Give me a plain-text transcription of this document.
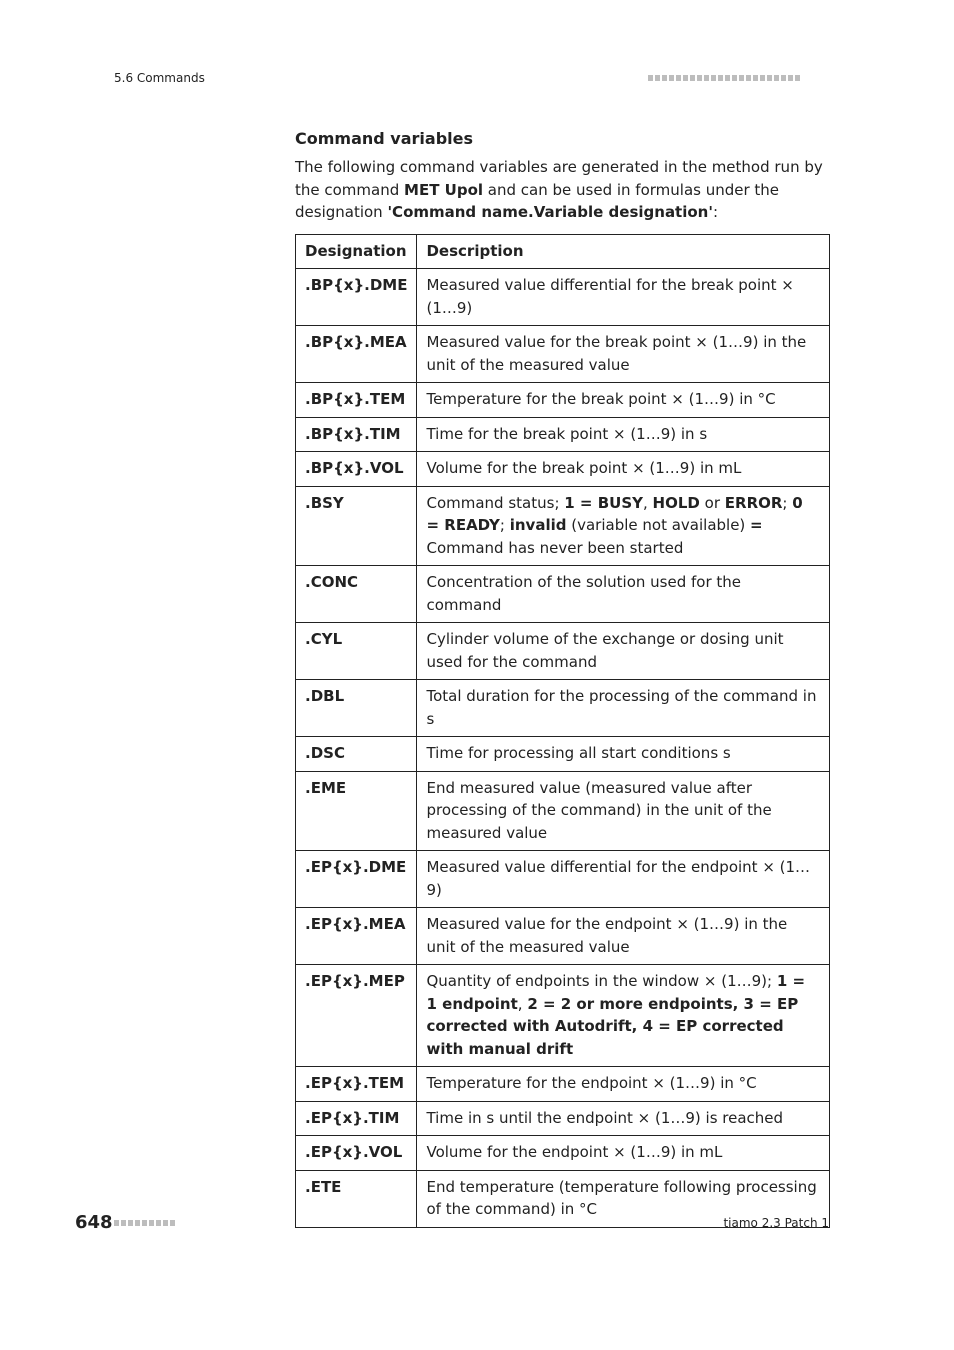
5.6 Commands
Command variables

The following command variables are generated in the method run by the command MET Upol and can be used in formulas under the designation 'Command name.Variable designation':

Designation	Description
.BP{x}.DME	Measured value differential for the break point × (1…9)
.BP{x}.MEA	Measured value for the break point × (1…9) in the unit of the measured value
.BP{x}.TEM	Temperature for the break point × (1…9) in °C
.BP{x}.TIM	Time for the break point × (1…9) in s
.BP{x}.VOL	Volume for the break point × (1…9) in mL
.BSY	Command status; 1 = BUSY, HOLD or ERROR; 0 = READY; invalid (variable not available) = Command has never been started
.CONC	Concentration of the solution used for the command
.CYL	Cylinder volume of the exchange or dosing unit used for the command
.DBL	Total duration for the processing of the command in s
.DSC	Time for processing all start conditions s
.EME	End measured value (measured value after processing of the command) in the unit of the measured value
.EP{x}.DME	Measured value differential for the endpoint × (1…9)
.EP{x}.MEA	Measured value for the endpoint × (1…9) in the unit of the measured value
.EP{x}.MEP	Quantity of endpoints in the window × (1…9); 1 = 1 endpoint, 2 = 2 or more endpoints, 3 = EP corrected with Autodrift, 4 = EP corrected with manual drift
.EP{x}.TEM	Temperature for the endpoint × (1…9) in °C
.EP{x}.TIM	Time in s until the endpoint × (1…9) is reached
.EP{x}.VOL	Volume for the endpoint × (1…9) in mL
.ETE	End temperature (temperature following processing of the command) in °C
648	tiamo 2.3 Patch 1
